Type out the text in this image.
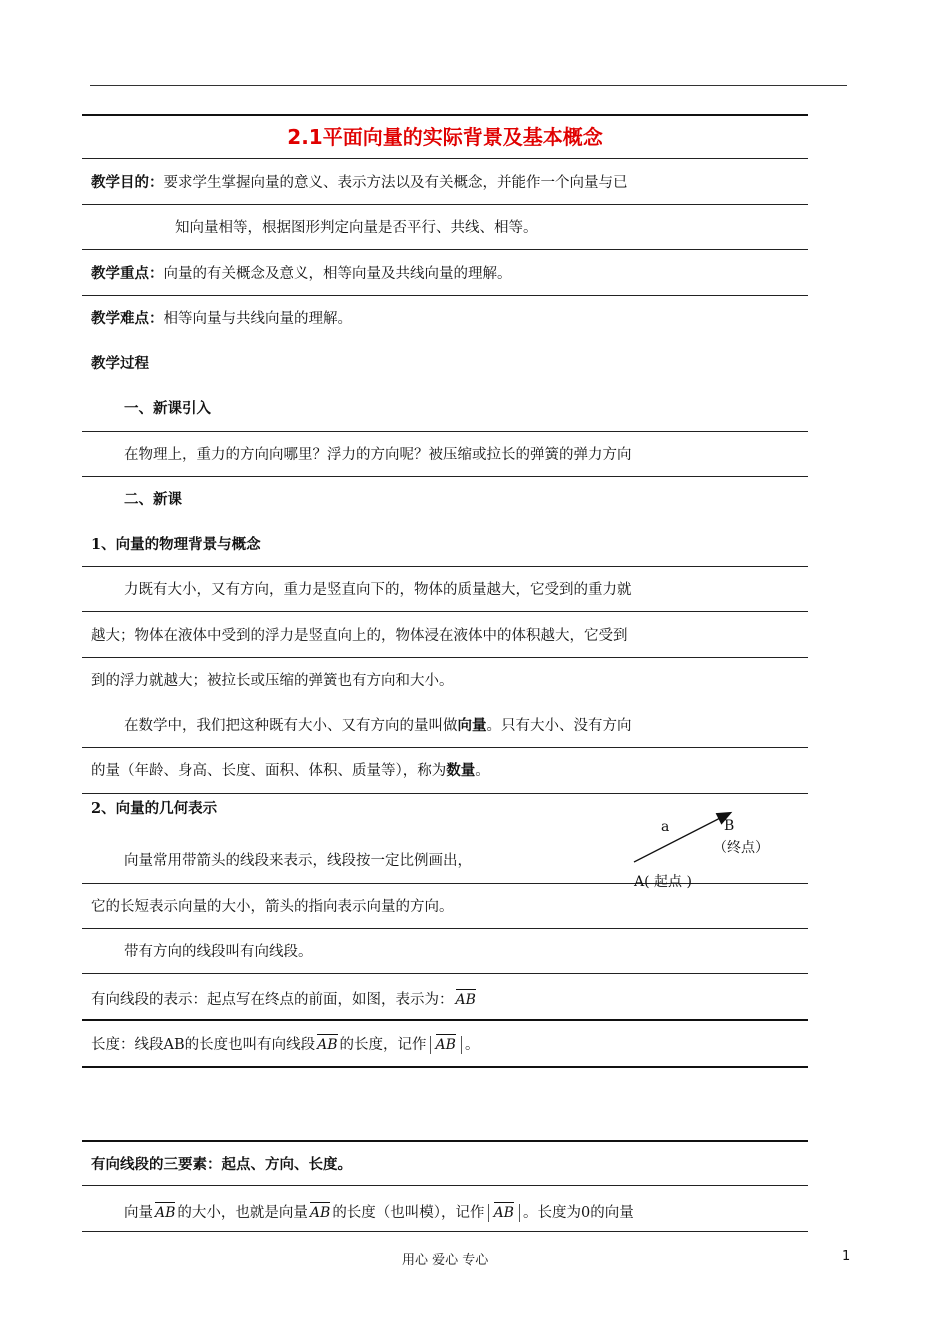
2.1平面向量的实际背景及基本概念
教学目的：要求学生掌握向量的意义、表示方法以及有关概念，并能作一个向量与已
知向量相等，根据图形判定向量是否平行、共线、相等。
教学重点：向量的有关概念及意义，相等向量及共线向量的理解。
教学难点：相等向量与共线向量的理解。
教学过程
一、新课引入
在物理上，重力的方向向哪里？浮力的方向呢？被压缩或拉长的弹簧的弹力方向
二、新课
1、向量的物理背景与概念
力既有大小，又有方向，重力是竖直向下的，物体的质量越大，它受到的重力就
越大；物体在液体中受到的浮力是竖直向上的，物体浸在液体中的体积越大，它受到
到的浮力就越大；被拉长或压缩的弹簧也有方向和大小。
在数学中，我们把这种既有大小、又有方向的量叫做向量。只有大小、没有方向
的量（年龄、身高、长度、面积、体积、质量等），称为数量。
2、向量的几何表示
向量常用带箭头的线段来表示，线段按一定比例画出，
它的长短表示向量的大小，箭头的指向表示向量的方向。
带有方向的线段叫有向线段。
a	B
（终点）
A( 起点 )
有向线段的表示：起点写在终点的前面，如图，表示为： AB
长度：线段AB的长度也叫有向线段 AB 的长度，记作 AB 。
有向线段的三要素：起点、方向、长度。
向量 AB 的大小，也就是向量 AB 的长度（也叫模），记作 AB 。长度为0的向量
用心 爱心 专心	1
